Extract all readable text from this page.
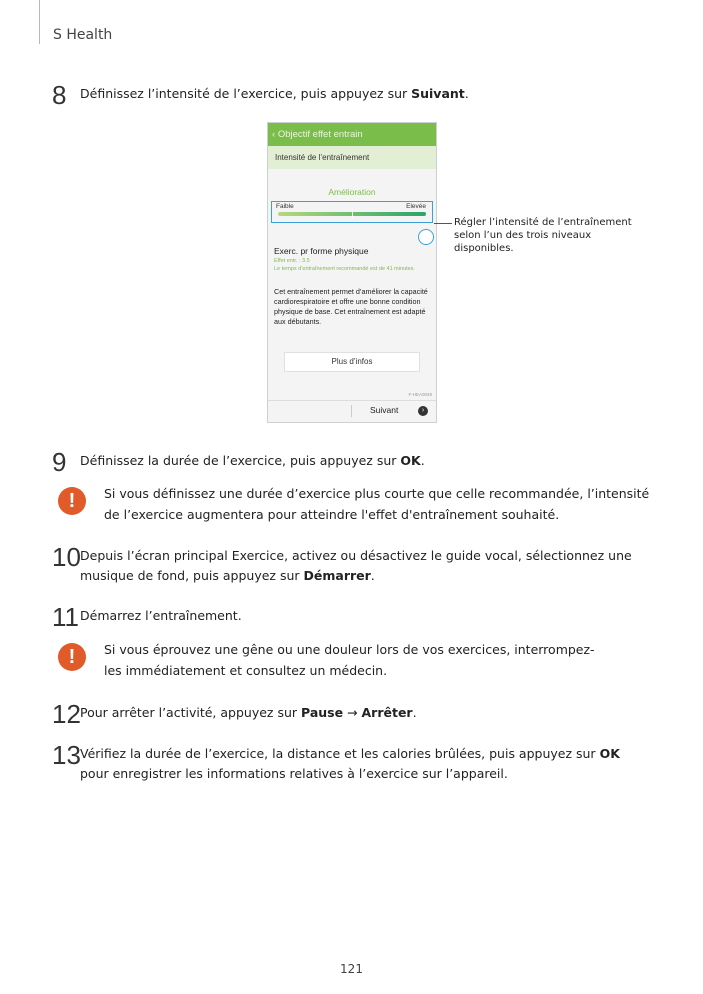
S Health
8 Définissez l’intensité de l’exercice, puis appuyez sur Suivant.
‹ Objectif effet entrain
Intensité de l’entraînement
Amélioration
Faible	Elevée
Exerc. pr forme physique
Effet entr. : 3.5
Le temps d’entraînement recommandé est de 41 minutes.
Cet entraînement permet d’améliorer la capacité cardiorespiratoire et offre une bonne condition physique de base. Cet entraînement est adapté aux débutants.
Plus d’infos
F-HEA0049
Suivant	›
Régler l’intensité de l’entraînement selon l’un des trois niveaux disponibles.
9 Définissez la durée de l’exercice, puis appuyez sur OK.
!	Si vous définissez une durée d’exercice plus courte que celle recommandée, l’intensité de l’exercice augmentera pour atteindre l'effet d'entraînement souhaité.
10 Depuis l’écran principal Exercice, activez ou désactivez le guide vocal, sélectionnez une musique de fond, puis appuyez sur Démarrer.
11 Démarrez l’entraînement.
!	Si vous éprouvez une gêne ou une douleur lors de vos exercices, interrompez-les immédiatement et consultez un médecin.
12 Pour arrêter l’activité, appuyez sur Pause → Arrêter.
13 Vérifiez la durée de l’exercice, la distance et les calories brûlées, puis appuyez sur OK pour enregistrer les informations relatives à l’exercice sur l’appareil.
121
